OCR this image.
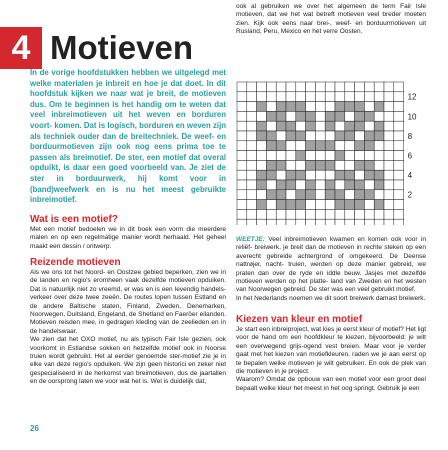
4 Motieven

In de vorige hoofdstukken hebben we uitgelegd met welke materialen je inbreit en hoe je dat doet. In dit hoofdstuk kijken we naar wat je breit, de motieven dus. Om te beginnen is het handig om te weten dat veel inbreimotieven uit het weven en borduren voort- komen. Dat is logisch, borduren en weven zijn als techniek ouder dan de breitechniek. De weef- en borduurmotieven zijn ook nog eens prima toe te passen als breimotief. De ster, een motief dat overal opduikt, is daar een goed voorbeeld van. Je ziet de ster in borduurwerk, hij komt voor in (band)weefwerk en is nu het meest gebruikte inbreimotief.

Wat is een motief?

Met een motief bedoelen we in dit boek een vorm die meerdere malen en op een regelmatige manier wordt herhaald. Het geheel maakt een dessin / ontwerp.

Reizende motieven

Als we ons tot het Noord- en Oostzee gebied beperken, zien we in de landen en regio's eromheen vaak dezelfde motieven opduiken. Dat is natuurlijk niet zo vreemd, er was en is een levendig handels- verkeer over deze twee zeeën. De routes lopen tussen Estland en de andere Baltische staten, Finland, Zweden, Denemarken, Noorwegen, Duitsland, Engeland, de Shetland en Faeröer eilanden. Motieven reisden mee, in gedragen kleding van de zeelieden en in de handelswaar.

We zien dat het OXO motief, nu als typisch Fair Isle gezien, ook voorkomt in Estlandse sokken en hetzelfde motief ook in Noorse truien wordt gebruikt. Het al eerder genoemde ster-motief zie je in elke van deze regio's opduiken. We zijn geen historici en zeker niet gespecialiseerd in de herkomst van breimotieven, dus de jaartallen en de oorsprong laten we voor wat het is. Wel is duidelijk dat,

ook al gebruiken we over het algemeen de term Fair Isle motieven, dat we het wat betreft motieven veel breder moeten zien. Kijk ook eens naar brei-, weef- en borduurmotieven uit Rusland, Peru, Mexico en het verre Oosten.

12
10
8
6
4
2

WEETJE: Veel inbreimotieven kwamen en komen ook voor in reliëf- breiwerk, je breit dan de motieven in rechte steken op een averecht gebreide achtergrond of omgekeerd. De Deense nattrøjer, nacht- truien, werden op deze manier gebreid, we praten dan over de ryde en iddle beuw. Jasjes met dezelfde motieven werden op het platte- land van Zweden en het westen van Noorwegen gebreid. De ster was een veel gebruikt motief.

In het Nederlands noemen we dit soort breiwerk damast breiwerk.

Kiezen van kleur en motief

Je start een inbreiproject, wat kies je eerst kleur of motief? Het ligt voor de hand om een hoofdkleur te kiezen, bijvoorbeeld: je wilt een overwegend grijs-ogend vest breien. Maar voor je verder gaat met het kiezen van motiefkleuren, raden we je aan eerst op te bepalen welke motieven je wilt gebruiken. En ook de plek van die motieven in je project.

Waarom? Omdat de opbouw van een motief voor een groot deel bepaalt welke kleur het meest in het oog springt. Gebruik je een

26
